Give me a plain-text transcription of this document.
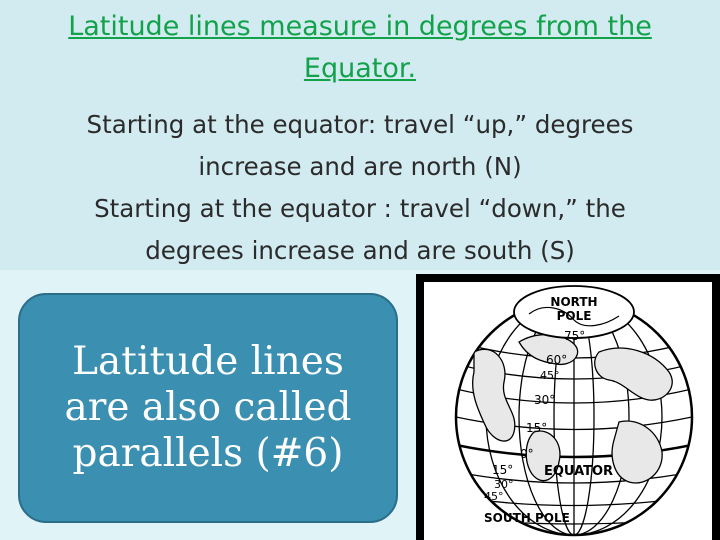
Latitude lines measure in degrees from the
Equator.
Starting at the equator: travel “up,” degrees
increase and are north (N)
Starting at the equator : travel “down,” the
degrees increase and are south (S)
Latitude lines
are also called
parallels (#6)
NORTH
POLE
75°
60°
45°
30°
15°
0°
15°
30°
45°
EQUATOR
SOUTH POLE
